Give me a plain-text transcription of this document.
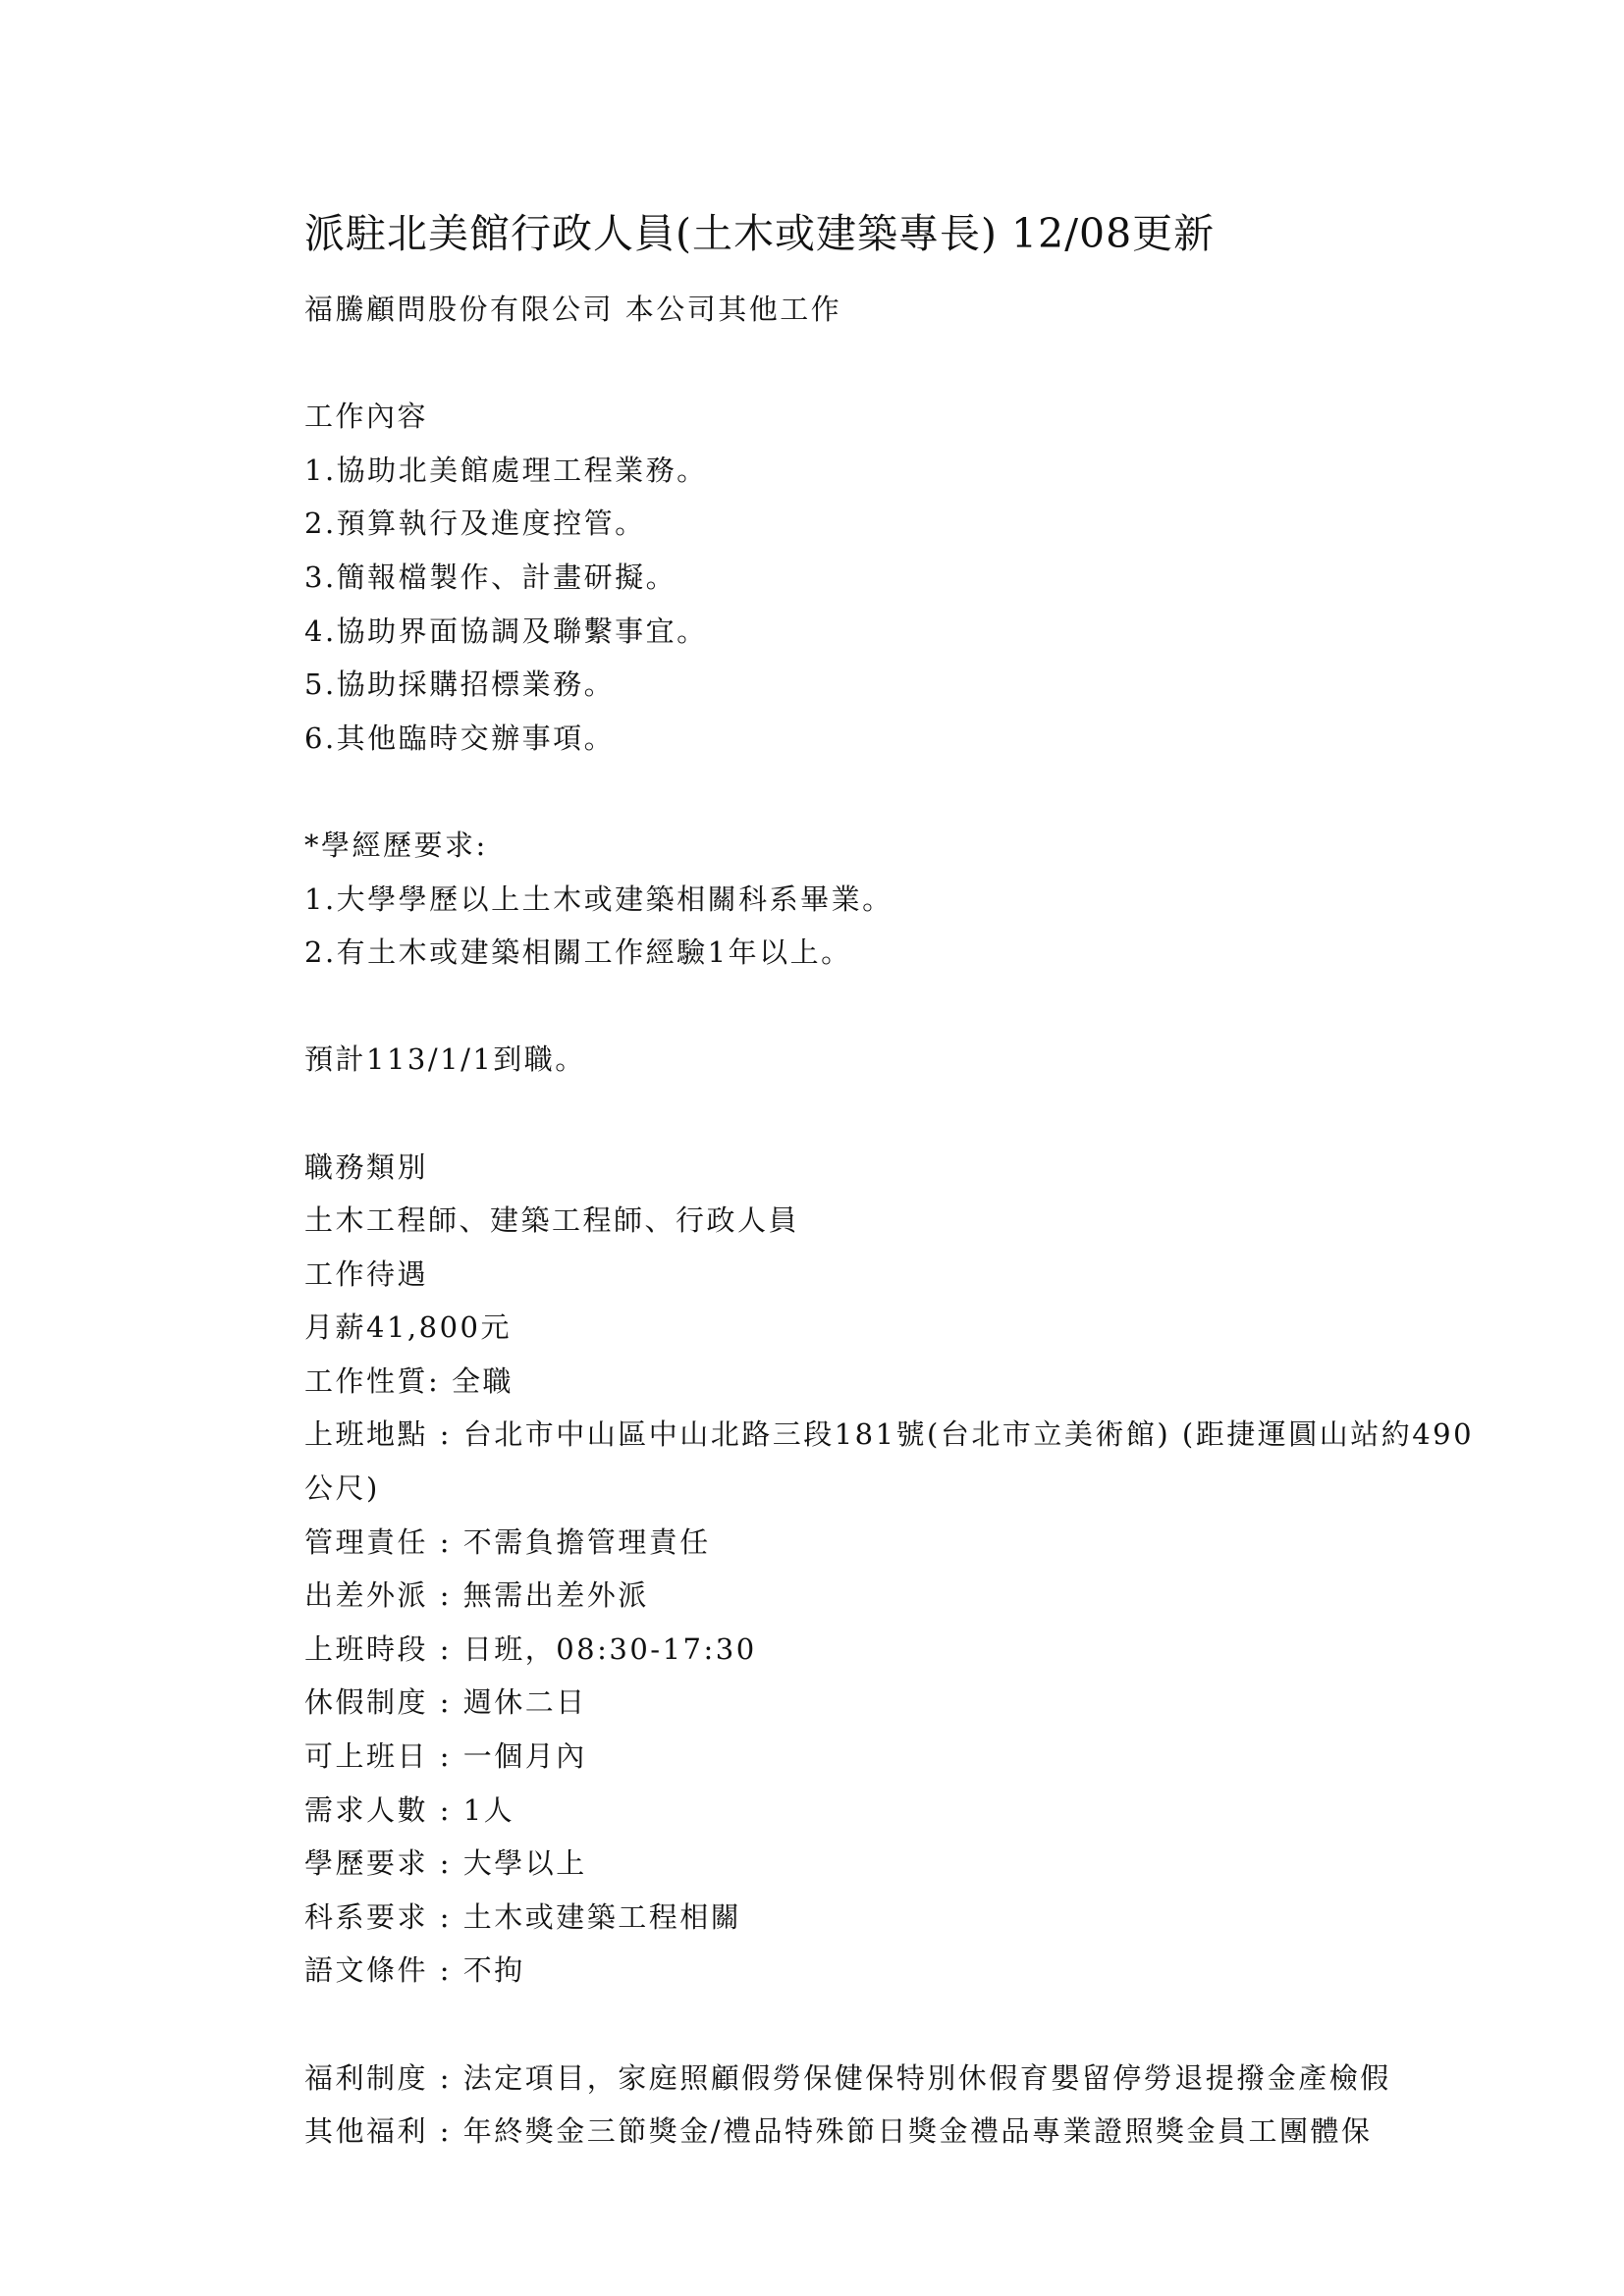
派駐北美館行政人員(土木或建築專長) 12/08更新
福騰顧問股份有限公司 本公司其他工作
工作內容
1.協助北美館處理工程業務。
2.預算執行及進度控管。
3.簡報檔製作、計畫研擬。
4.協助界面協調及聯繫事宜。
5.協助採購招標業務。
6.其他臨時交辦事項。
*學經歷要求:
1.大學學歷以上土木或建築相關科系畢業。
2.有土木或建築相關工作經驗1年以上。
預計113/1/1到職。
職務類別
土木工程師、建築工程師、行政人員
工作待遇
月薪41,800元
工作性質: 全職
上班地點 : 台北市中山區中山北路三段181號(台北市立美術館) (距捷運圓山站約490公尺)
管理責任 : 不需負擔管理責任
出差外派 : 無需出差外派
上班時段 : 日班，08:30-17:30
休假制度 : 週休二日
可上班日 : 一個月內
需求人數 : 1人
學歷要求 : 大學以上
科系要求 : 土木或建築工程相關
語文條件 : 不拘
福利制度 : 法定項目，家庭照顧假勞保健保特別休假育嬰留停勞退提撥金產檢假
其他福利 : 年終獎金三節獎金/禮品特殊節日獎金禮品專業證照獎金員工團體保
